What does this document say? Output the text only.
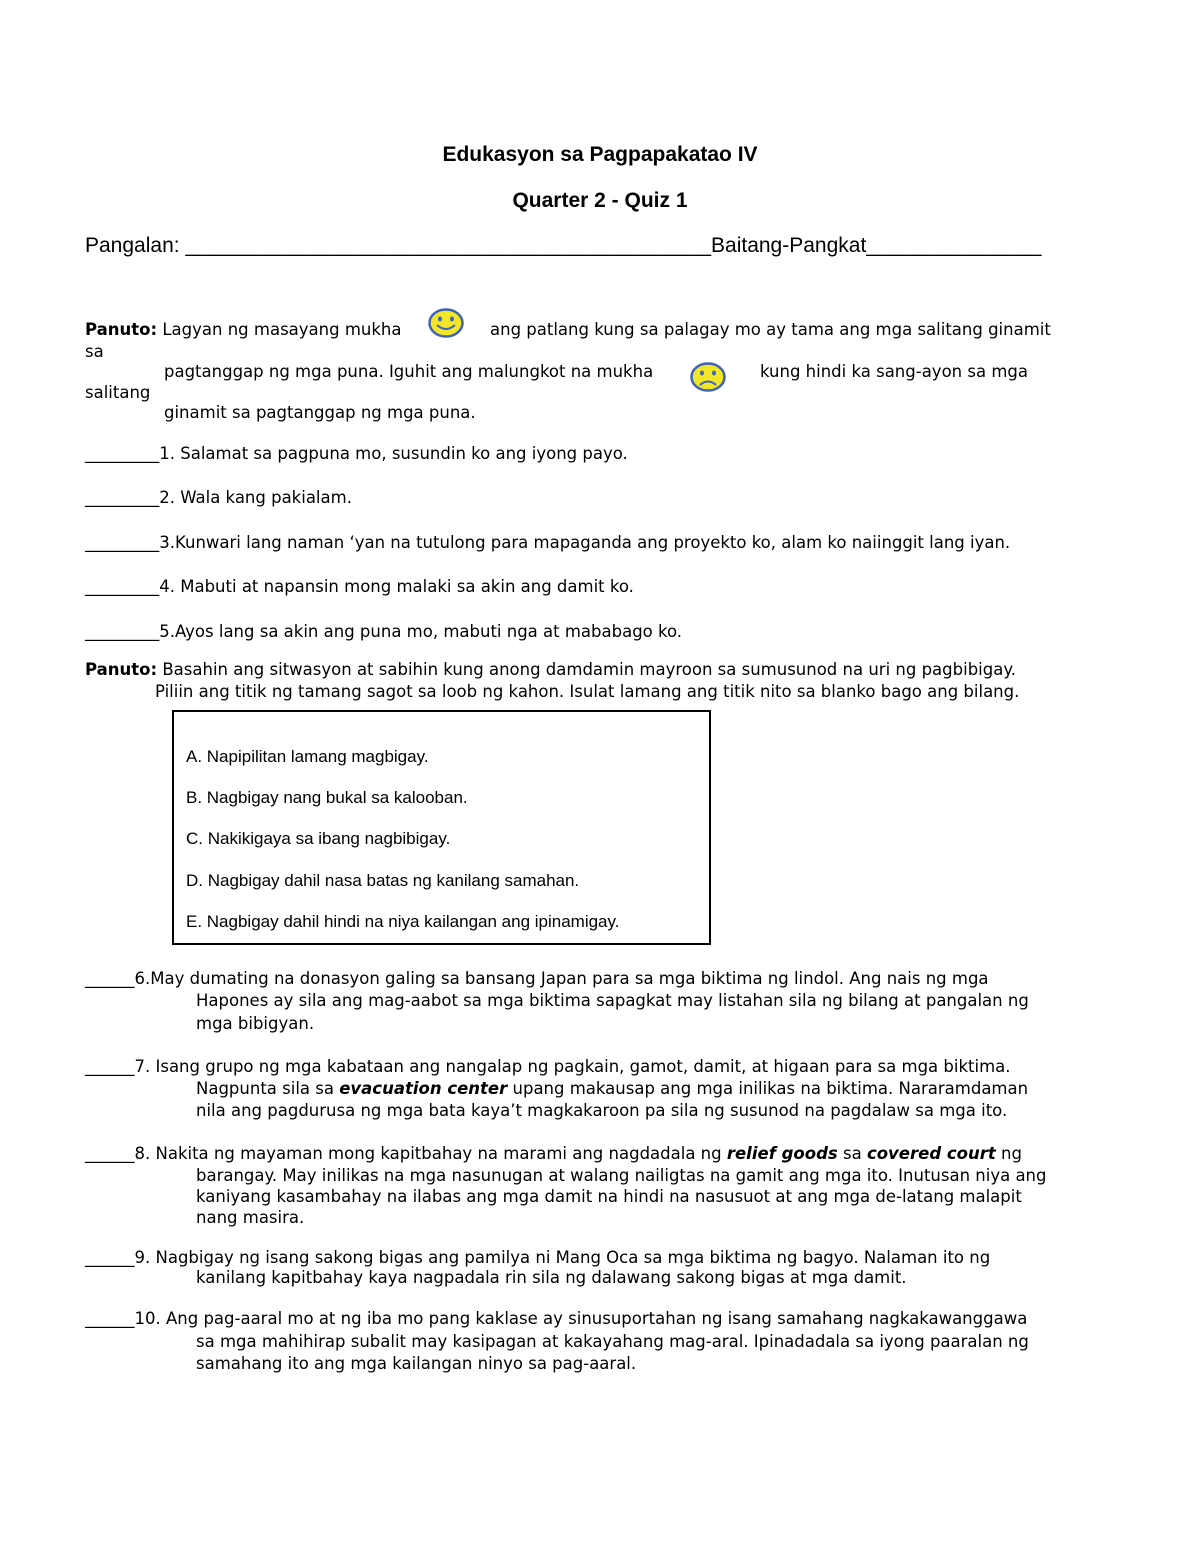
Edukasyon sa Pagpapakatao IV
Quarter 2 - Quiz 1
Pangalan: _____________________________________________Baitang-Pangkat_______________
Panuto: Lagyan ng masayang mukha	ang patlang kung sa palagay mo ay tama ang mga salitang ginamit
sa
pagtanggap ng mga puna. Iguhit ang malungkot na mukha	kung hindi ka sang-ayon sa mga
salitang
ginamit sa pagtanggap ng mga puna.
_________1. Salamat sa pagpuna mo, susundin ko ang iyong payo.
_________2. Wala kang pakialam.
_________3.Kunwari lang naman ‘yan na tutulong para mapaganda ang proyekto ko, alam ko naiinggit lang iyan.
_________4. Mabuti at napansin mong malaki sa akin ang damit ko.
_________5.Ayos lang sa akin ang puna mo, mabuti nga at mababago ko.
Panuto: Basahin ang sitwasyon at sabihin kung anong damdamin mayroon sa sumusunod na uri ng pagbibigay.
Piliin ang titik ng tamang sagot sa loob ng kahon. Isulat lamang ang titik nito sa blanko bago ang bilang.
A. Napipilitan lamang magbigay.
B. Nagbigay nang bukal sa kalooban.
C. Nakikigaya sa ibang nagbibigay.
D. Nagbigay dahil nasa batas ng kanilang samahan.
E. Nagbigay dahil hindi na niya kailangan ang ipinamigay.
______6.May dumating na donasyon galing sa bansang Japan para sa mga biktima ng lindol. Ang nais ng mga
Hapones ay sila ang mag-aabot sa mga biktima sapagkat may listahan sila ng bilang at pangalan ng
mga bibigyan.
______7. Isang grupo ng mga kabataan ang nangalap ng pagkain, gamot, damit, at higaan para sa mga biktima.
Nagpunta sila sa evacuation center upang makausap ang mga inilikas na biktima. Nararamdaman
nila ang pagdurusa ng mga bata kaya’t magkakaroon pa sila ng susunod na pagdalaw sa mga ito.
______8. Nakita ng mayaman mong kapitbahay na marami ang nagdadala ng relief goods sa covered court ng
barangay. May inilikas na mga nasunugan at walang nailigtas na gamit ang mga ito. Inutusan niya ang
kaniyang kasambahay na ilabas ang mga damit na hindi na nasusuot at ang mga de-latang malapit
nang masira.
______9. Nagbigay ng isang sakong bigas ang pamilya ni Mang Oca sa mga biktima ng bagyo. Nalaman ito ng
kanilang kapitbahay kaya nagpadala rin sila ng dalawang sakong bigas at mga damit.
______10. Ang pag-aaral mo at ng iba mo pang kaklase ay sinusuportahan ng isang samahang nagkakawanggawa
sa mga mahihirap subalit may kasipagan at kakayahang mag-aral. Ipinadadala sa iyong paaralan ng
samahang ito ang mga kailangan ninyo sa pag-aaral.
